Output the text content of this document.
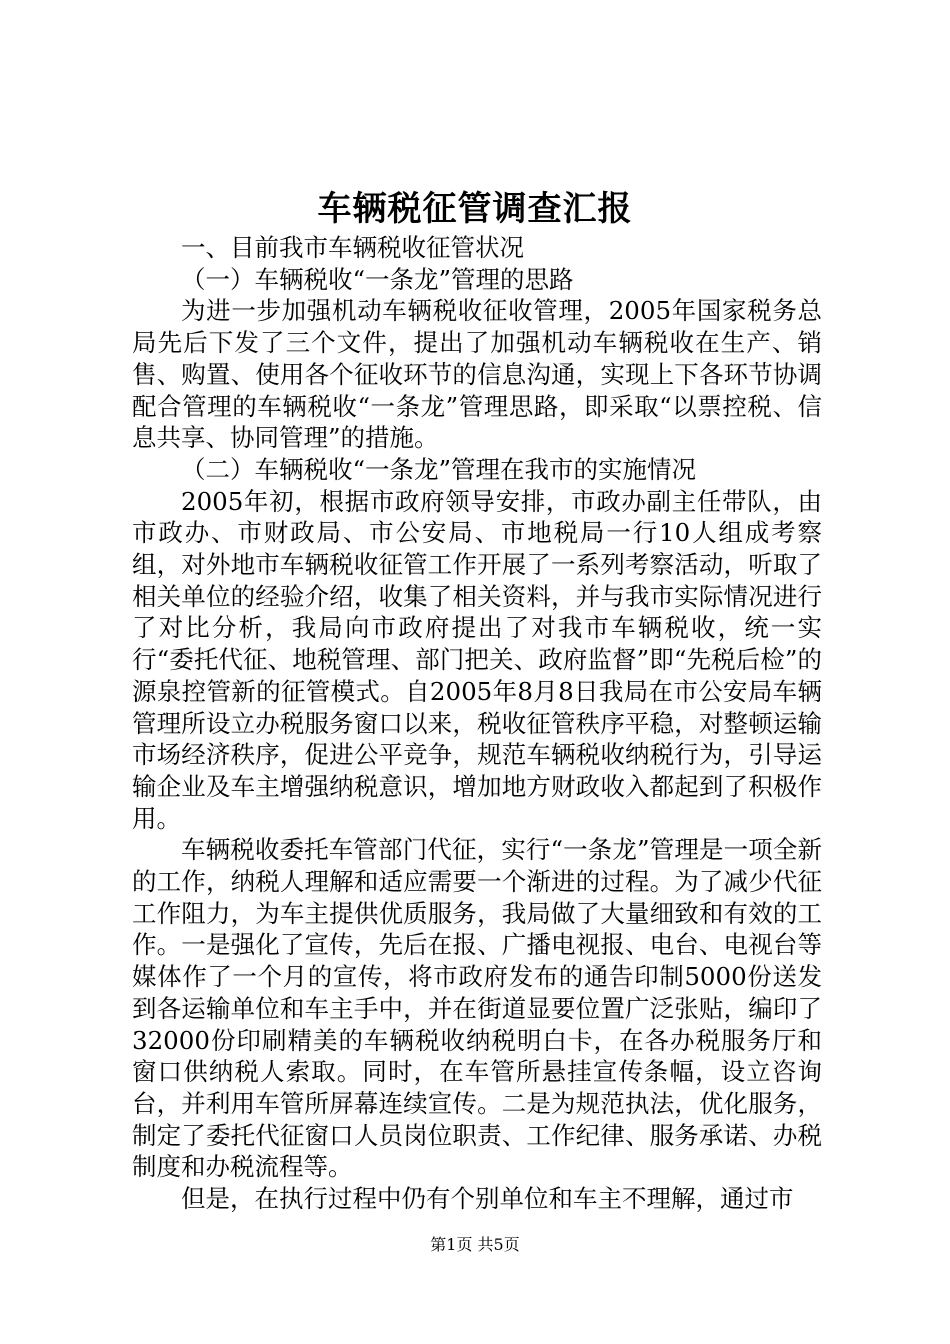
车辆税征管调查汇报

一、目前我市车辆税收征管状况

（一）车辆税收“一条龙”管理的思路

为进一步加强机动车辆税收征收管理，2005年国家税务总局先后下发了三个文件，提出了加强机动车辆税收在生产、销售、购置、使用各个征收环节的信息沟通，实现上下各环节协调配合管理的车辆税收“一条龙”管理思路，即采取“以票控税、信息共享、协同管理”的措施。

（二）车辆税收“一条龙”管理在我市的实施情况

2005年初，根据市政府领导安排，市政办副主任带队，由市政办、市财政局、市公安局、市地税局一行10人组成考察组，对外地市车辆税收征管工作开展了一系列考察活动，听取了相关单位的经验介绍，收集了相关资料，并与我市实际情况进行了对比分析，我局向市政府提出了对我市车辆税收，统一实行“委托代征、地税管理、部门把关、政府监督”即“先税后检”的源泉控管新的征管模式。自2005年8月8日我局在市公安局车辆管理所设立办税服务窗口以来，税收征管秩序平稳，对整顿运输市场经济秩序，促进公平竞争，规范车辆税收纳税行为，引导运输企业及车主增强纳税意识，增加地方财政收入都起到了积极作用。

车辆税收委托车管部门代征，实行“一条龙”管理是一项全新的工作，纳税人理解和适应需要一个渐进的过程。为了减少代征工作阻力，为车主提供优质服务，我局做了大量细致和有效的工作。一是强化了宣传，先后在报、广播电视报、电台、电视台等媒体作了一个月的宣传，将市政府发布的通告印制5000份送发到各运输单位和车主手中，并在街道显要位置广泛张贴，编印了32000份印刷精美的车辆税收纳税明白卡，在各办税服务厅和窗口供纳税人索取。同时，在车管所悬挂宣传条幅，设立咨询台，并利用车管所屏幕连续宣传。二是为规范执法，优化服务，制定了委托代征窗口人员岗位职责、工作纪律、服务承诺、办税制度和办税流程等。

但是，在执行过程中仍有个别单位和车主不理解，通过市

第1页 共5页
